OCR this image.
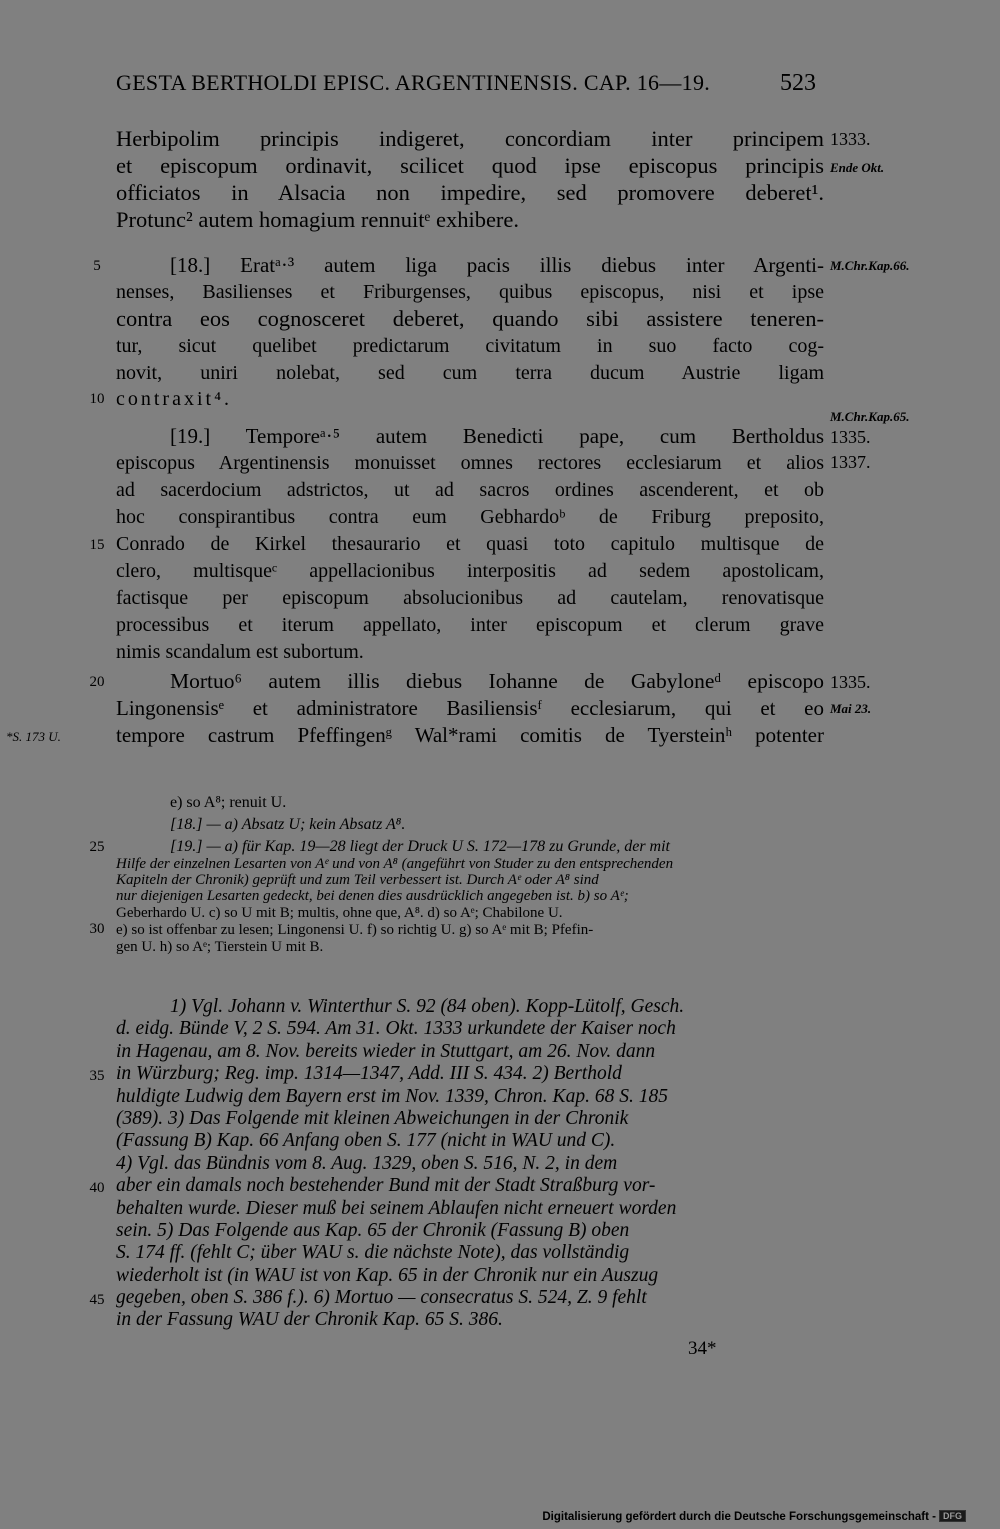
GESTA BERTHOLDI EPISC. ARGENTINENSIS. CAP. 16—19.	523
Herbipolim principis indigeret, concordiam inter principem
et episcopum ordinavit, scilicet quod ipse episcopus principis
officiatos in Alsacia non impedire, sed promovere deberet¹.
Protunc² autem homagium rennuitᵉ exhibere.
[18.] Eratᵃ·³ autem liga pacis illis diebus inter Argenti-
nenses, Basilienses et Friburgenses, quibus episcopus, nisi et ipse
contra eos cognosceret deberet, quando sibi assistere teneren-
tur, sicut quelibet predictarum civitatum in suo facto cog-
novit, uniri nolebat, sed cum terra ducum Austrie ligam
contraxit⁴.
[19.] Temporeᵃ·⁵ autem Benedicti pape, cum Bertholdus
episcopus Argentinensis monuisset omnes rectores ecclesiarum et alios
ad sacerdocium adstrictos, ut ad sacros ordines ascenderent, et ob
hoc conspirantibus contra eum Gebhardoᵇ de Friburg preposito,
Conrado de Kirkel thesaurario et quasi toto capitulo multisque de
clero, multisqueᶜ appellacionibus interpositis ad sedem apostolicam,
factisque per episcopum absolucionibus ad cautelam, renovatisque
processibus et iterum appellato, inter episcopum et clerum grave
nimis scandalum est subortum.
Mortuo⁶ autem illis diebus Iohanne de Gabyloneᵈ episcopo
Lingonensisᵉ et administratore Basiliensisᶠ ecclesiarum, qui et eo
tempore castrum Pfeffingenᵍ Wal*rami comitis de Tyersteinʰ potenter
5
10
15
20
25
30
35
40
45
*S. 173 U.
1333.
Ende Okt.
M.Chr.Kap.66.
M.Chr.Kap.65.
1335.
1337.
1335.
Mai 23.
e) so A⁸; renuit U.
[18.] — a) Absatz U; kein Absatz A⁸.
[19.] — a) für Kap. 19—28 liegt der Druck U S. 172—178 zu Grunde, der mit
Hilfe der einzelnen Lesarten von Aᵉ und von A⁸ (angeführt von Studer zu den entsprechenden
Kapiteln der Chronik) geprüft und zum Teil verbessert ist. Durch Aᵉ oder A⁸ sind
nur diejenigen Lesarten gedeckt, bei denen dies ausdrücklich angegeben ist. b) so Aᵉ;
Geberhardo U. c) so U mit B; multis, ohne que, A⁸. d) so Aᵉ; Chabilone U.
e) so ist offenbar zu lesen; Lingonensi U. f) so richtig U. g) so Aᵉ mit B; Pfefin-
gen U. h) so Aᵉ; Tierstein U mit B.
1) Vgl. Johann v. Winterthur S. 92 (84 oben). Kopp-Lütolf, Gesch.
d. eidg. Bünde V, 2 S. 594. Am 31. Okt. 1333 urkundete der Kaiser noch
in Hagenau, am 8. Nov. bereits wieder in Stuttgart, am 26. Nov. dann
in Würzburg; Reg. imp. 1314—1347, Add. III S. 434. 2) Berthold
huldigte Ludwig dem Bayern erst im Nov. 1339, Chron. Kap. 68 S. 185
(389). 3) Das Folgende mit kleinen Abweichungen in der Chronik
(Fassung B) Kap. 66 Anfang oben S. 177 (nicht in WAU und C).
4) Vgl. das Bündnis vom 8. Aug. 1329, oben S. 516, N. 2, in dem
aber ein damals noch bestehender Bund mit der Stadt Straßburg vor-
behalten wurde. Dieser muß bei seinem Ablaufen nicht erneuert worden
sein. 5) Das Folgende aus Kap. 65 der Chronik (Fassung B) oben
S. 174 ff. (fehlt C; über WAU s. die nächste Note), das vollständig
wiederholt ist (in WAU ist von Kap. 65 in der Chronik nur ein Auszug
gegeben, oben S. 386 f.). 6) Mortuo — consecratus S. 524, Z. 9 fehlt
in der Fassung WAU der Chronik Kap. 65 S. 386.
34*
Digitalisierung gefördert durch die Deutsche Forschungsgemeinschaft - DFG
